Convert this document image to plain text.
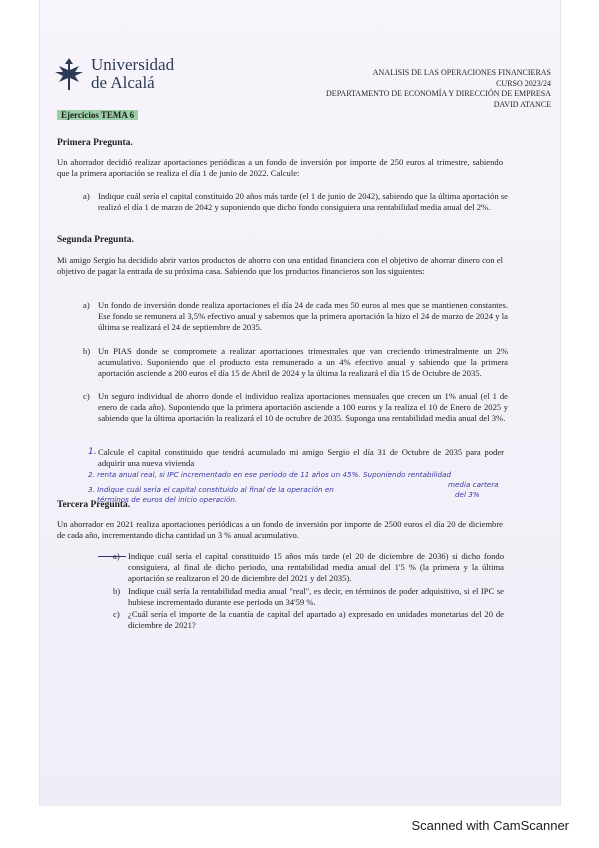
Universidad
de Alcalá
ANALISIS DE LAS OPERACIONES FINANCIERAS
CURSO 2023/24
DEPARTAMENTO DE ECONOMÍA Y DIRECCIÓN DE EMPRESA
DAVID ATANCE
Ejercicios TEMA 6
Primera Pregunta.
Un ahorrador decidió realizar aportaciones periódicas a un fondo de inversión por importe de 250 euros al trimestre, sabiendo que la primera aportación se realiza el día 1 de junio de 2022. Calcule:
a) Indique cuál sería el capital constituido 20 años más tarde (el 1 de junio de 2042), sabiendo que la última aportación se realizó el día 1 de marzo de 2042 y suponiendo que dicho fondo consiguiera una rentabilidad media anual del 2%.
Segunda Pregunta.
Mi amigo Sergio ha decidido abrir varios productos de ahorro con una entidad financiera con el objetivo de ahorrar dinero con el objetivo de pagar la entrada de su próxima casa. Sabiendo que los productos financieros son los siguientes:
a) Un fondo de inversión donde realiza aportaciones el día 24 de cada mes 50 euros al mes que se mantienen constantes. Ese fondo se remunera al 3,5% efectivo anual y sabemos que la primera aportación la hizo el 24 de marzo de 2024 y la última se realizará el 24 de septiembre de 2035.
b) Un PIAS donde se compromete a realizar aportaciones trimestrales que van creciendo trimestralmente un 2% acumulativo. Suponiendo que el producto esta remunerado a un 4% efectivo anual y sabiendo que la primera aportación asciende a 200 euros el día 15 de Abril de 2024 y la última la realizará el día 15 de Octubre de 2035.
c) Un seguro individual de ahorro donde el individuo realiza aportaciones mensuales que crecen un 1% anual (el 1 de enero de cada año). Suponiendo que la primera aportación asciende a 100 euros y la realiza el 10 de Enero de 2025 y sabiendo que la última aportación la realizará el 10 de octubre de 2035. Suponga una rentabilidad media anual del 3%.
1. Calcule el capital constituido que tendrá acumulado mi amigo Sergio el día 31 de Octubre de 2035 para poder adquirir una nueva vivienda
2. renta anual real, si IPC incrementado en ese periodo de 11 años un 45%. Suponiendo rentabilidad
media cartera
del 3%
3. Indique cuál sería el capital constituido al final de la operación en
términos de euros del inicio operación.
Tercera Pregunta.
Un ahorrador en 2021 realiza aportaciones periódicas a un fondo de inversión por importe de 2500 euros el día 20 de diciembre de cada año, incrementando dicha cantidad un 3 % anual acumulativo.
Indique cuál sería el capital constituido 15 años más tarde (el 20 de diciembre de 2036) si dicho fondo consiguiera, al final de dicho periodo, una rentabilidad media anual del 1'5 % (la primera y la última aportación se realizaron el 20 de diciembre del 2021 y del 2035).
b) Indique cuál sería la rentabilidad media anual "real", es decir, en términos de poder adquisitivo, si el IPC se hubiese incrementado durante ese periodo un 34'59 %.
c) ¿Cuál sería el importe de la cuantía de capital del apartado a) expresado en unidades monetarias del 20 de diciembre de 2021?
Scanned with CamScanner
